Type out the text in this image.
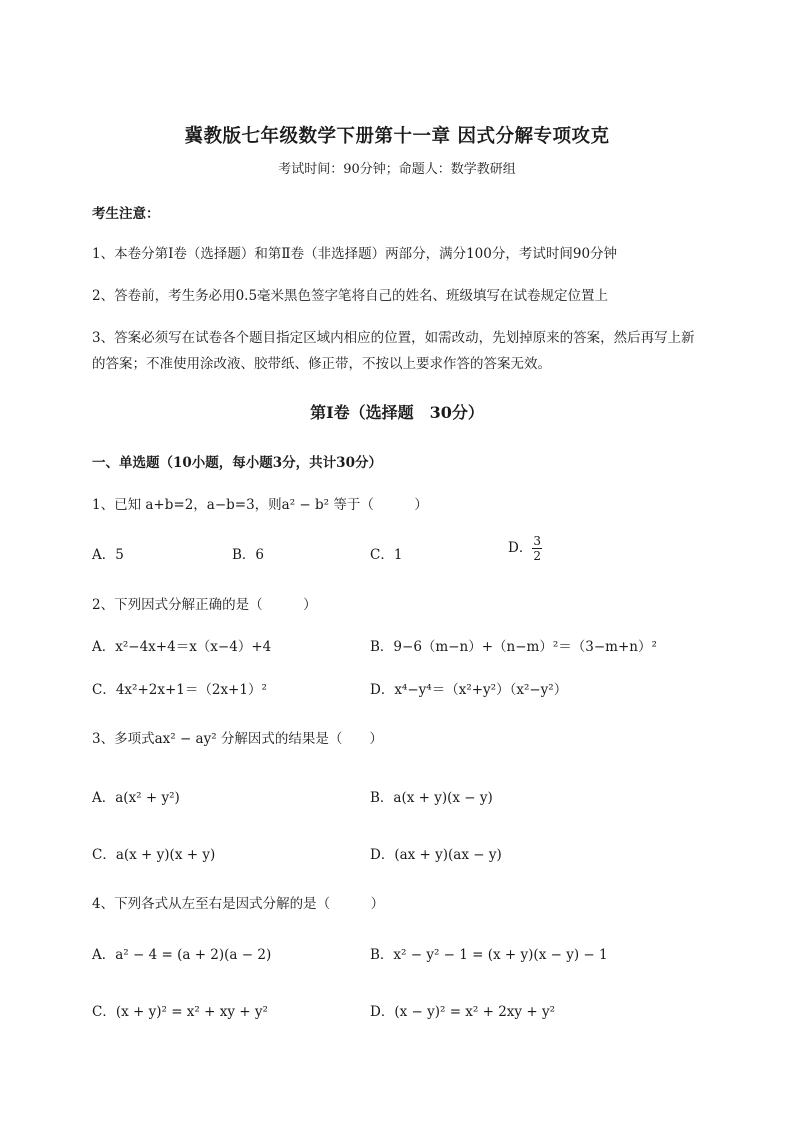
冀教版七年级数学下册第十一章 因式分解专项攻克
考试时间：90分钟；命题人：数学教研组
考生注意：
1、本卷分第I卷（选择题）和第Ⅱ卷（非选择题）两部分，满分100分，考试时间90分钟
2、答卷前，考生务必用0.5毫米黑色签字笔将自己的姓名、班级填写在试卷规定位置上
3、答案必须写在试卷各个题目指定区域内相应的位置，如需改动，先划掉原来的答案，然后再写上新
的答案；不准使用涂改液、胶带纸、修正带，不按以上要求作答的答案无效。
第I卷（选择题　30分）
一、单选题（10小题，每小题3分，共计30分）
1、已知 a+b=2，a−b=3，则a² − b² 等于（　　　）
A．5	B．6	C．1	D． $\frac{3}{2}$
2、下列因式分解正确的是（　　　）
A．x²−4x+4＝x（x−4）+4	B．9−6（m−n）+（n−m）²＝（3−m+n）²
C．4x²+2x+1＝（2x+1）²	D．x⁴−y⁴＝（x²+y²）（x²−y²）
3、多项式ax² − ay² 分解因式的结果是（　　）
A．a(x² + y²)	B．a(x + y)(x − y)
C．a(x + y)(x + y)	D．(ax + y)(ax − y)
4、下列各式从左至右是因式分解的是（　　　）
A．a² − 4 = (a + 2)(a − 2)	B．x² − y² − 1 = (x + y)(x − y) − 1
C．(x + y)² = x² + xy + y²	D．(x − y)² = x² + 2xy + y²
